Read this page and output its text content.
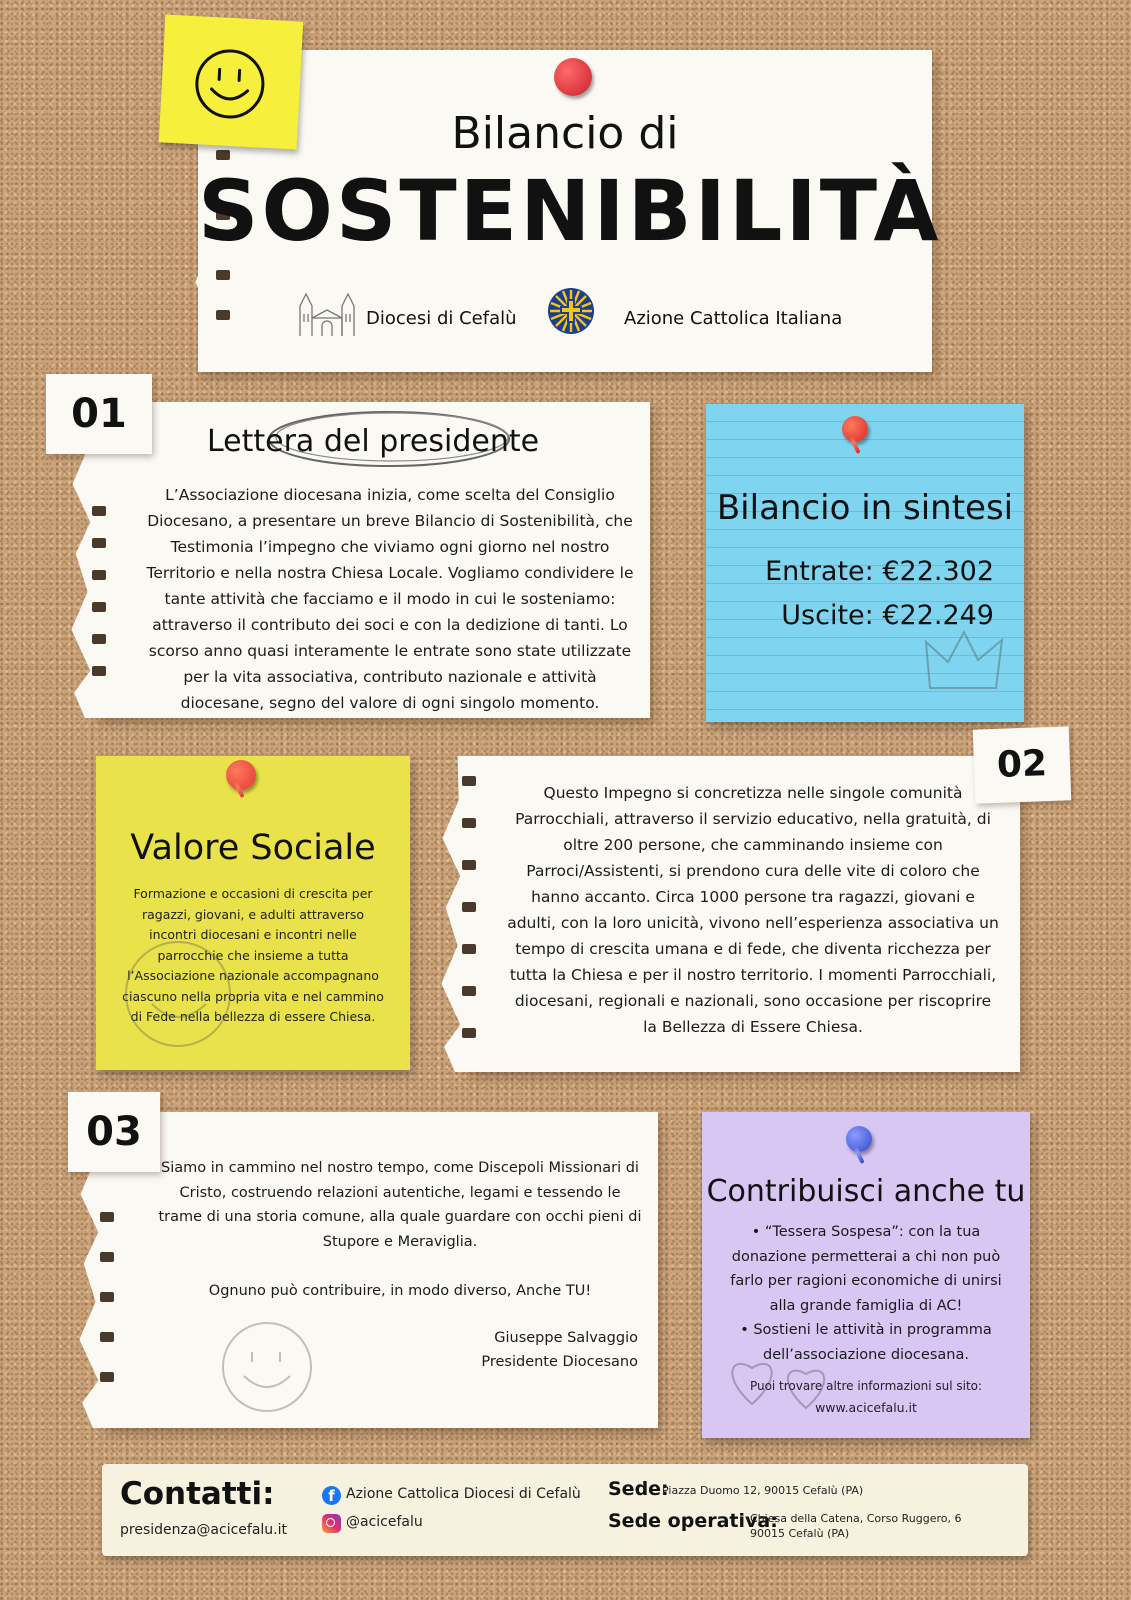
Bilancio di
SOSTENIBILITÀ
Diocesi di Cefalù	Azione Cattolica Italiana
Lettera del presidente
L’Associazione diocesana inizia, come scelta del Consiglio Diocesano, a presentare un breve Bilancio di Sostenibilità, che Testimonia l’impegno che viviamo ogni giorno nel nostro Territorio e nella nostra Chiesa Locale. Vogliamo condividere le tante attività che facciamo e il modo in cui le sosteniamo: attraverso il contributo dei soci e con la dedizione di tanti. Lo scorso anno quasi interamente le entrate sono state utilizzate per la vita associativa, contributo nazionale e attività diocesane, segno del valore di ogni singolo momento.
01
Bilancio in sintesi
Entrate: €22.302
Uscite: €22.249
Valore Sociale
Formazione e occasioni di crescita per ragazzi, giovani, e adulti attraverso incontri diocesani e incontri nelle parrocchie che insieme a tutta l’Associazione nazionale accompagnano ciascuno nella propria vita e nel cammino di Fede nella bellezza di essere Chiesa.
Questo Impegno si concretizza nelle singole comunità Parrocchiali, attraverso il servizio educativo, nella gratuità, di oltre 200 persone, che camminando insieme con Parroci/Assistenti, si prendono cura delle vite di coloro che hanno accanto. Circa 1000 persone tra ragazzi, giovani e adulti, con la loro unicità, vivono nell’esperienza associativa un tempo di crescita umana e di fede, che diventa ricchezza per tutta la Chiesa e per il nostro territorio. I momenti Parrocchiali, diocesani, regionali e nazionali, sono occasione per riscoprire la Bellezza di Essere Chiesa.
02
Siamo in cammino nel nostro tempo, come Discepoli Missionari di Cristo, costruendo relazioni autentiche, legami e tessendo le trame di una storia comune, alla quale guardare con occhi pieni di Stupore e Meraviglia.
Ognuno può contribuire, in modo diverso, Anche TU!
Giuseppe Salvaggio
Presidente Diocesano
03
Contribuisci anche tu
• “Tessera Sospesa”: con la tua donazione permetterai a chi non può farlo per ragioni economiche di unirsi alla grande famiglia di AC!
• Sostieni le attività in programma dell’associazione diocesana.
Puoi trovare altre informazioni sul sito:
www.acicefalu.it
Contatti:
presidenza@acicefalu.it
f Azione Cattolica Diocesi di Cefalù
@acicefalu
Sede:
Piazza Duomo 12, 90015 Cefalù (PA)
Sede operativa:
Chiesa della Catena, Corso Ruggero, 6
90015 Cefalù (PA)
